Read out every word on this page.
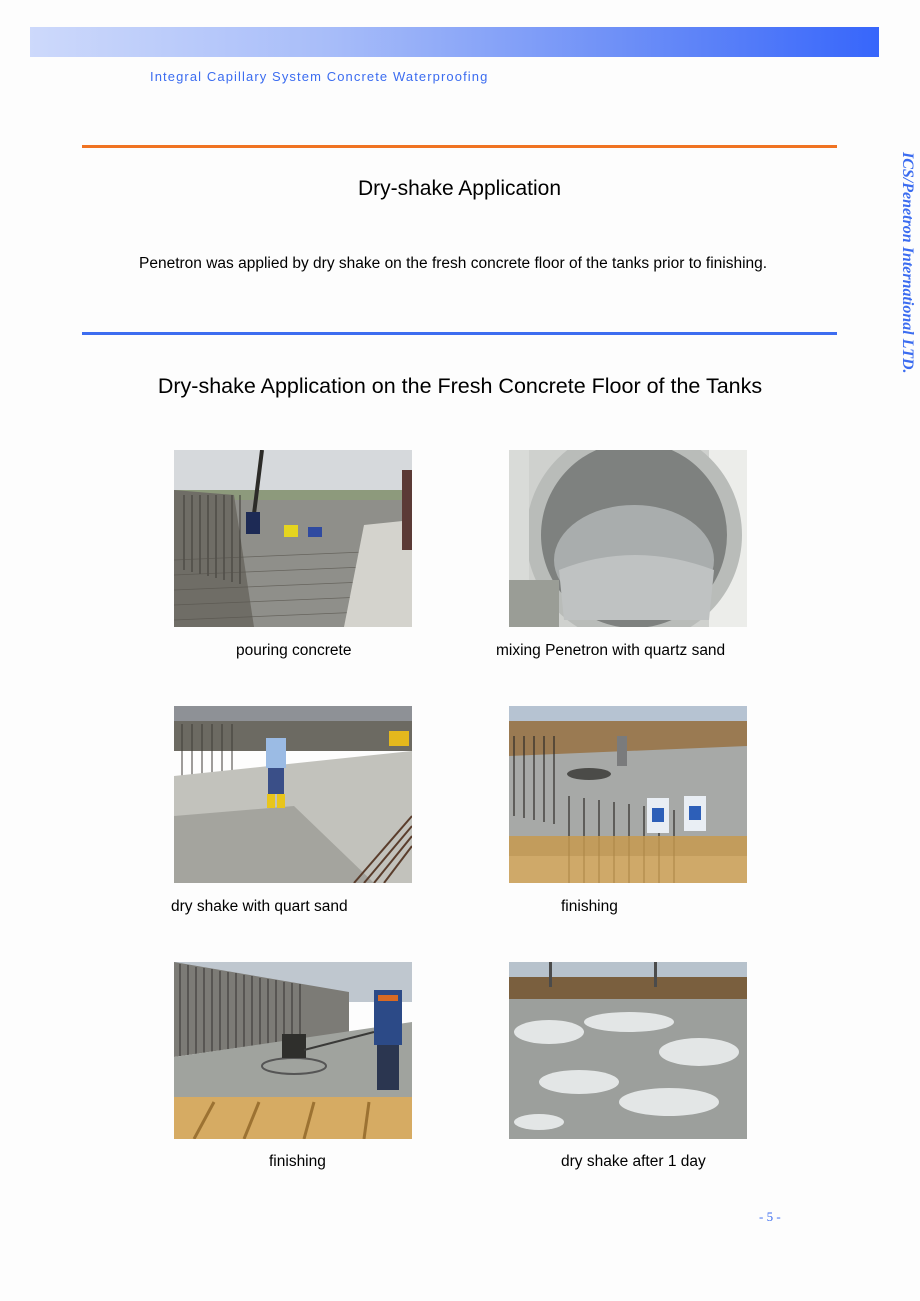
Integral Capillary System Concrete Waterproofing
ICS/Penetron International LTD.
Dry-shake Application
Penetron was applied by dry shake on the fresh concrete floor of the tanks prior to finishing.
Dry-shake Application on the Fresh Concrete Floor of the Tanks
pouring concrete	mixing Penetron with quartz sand
dry shake with quart sand	finishing
finishing	dry shake after 1 day
- 5 -
